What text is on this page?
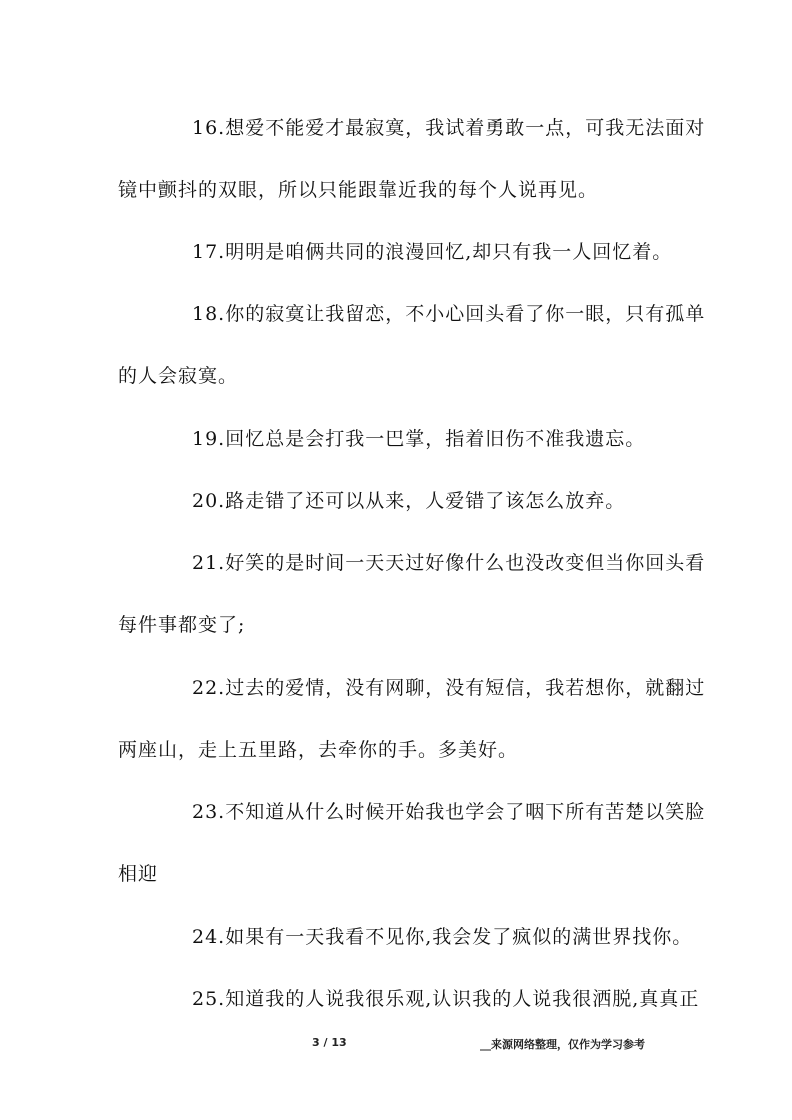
16.想爱不能爱才最寂寞，我试着勇敢一点，可我无法面对
镜中颤抖的双眼，所以只能跟靠近我的每个人说再见。
17.明明是咱俩共同的浪漫回忆,却只有我一人回忆着。
18.你的寂寞让我留恋，不小心回头看了你一眼，只有孤单
的人会寂寞。
19.回忆总是会打我一巴掌，指着旧伤不准我遗忘。
20.路走错了还可以从来，人爱错了该怎么放弃。
21.好笑的是时间一天天过好像什么也没改变但当你回头看
每件事都变了;
22.过去的爱情，没有网聊，没有短信，我若想你，就翻过
两座山，走上五里路，去牵你的手。多美好。
23.不知道从什么时候开始我也学会了咽下所有苦楚以笑脸
相迎
24.如果有一天我看不见你,我会发了疯似的满世界找你。
25.知道我的人说我很乐观,认识我的人说我很洒脱,真真正
3 / 13	__来源网络整理，仅作为学习参考
